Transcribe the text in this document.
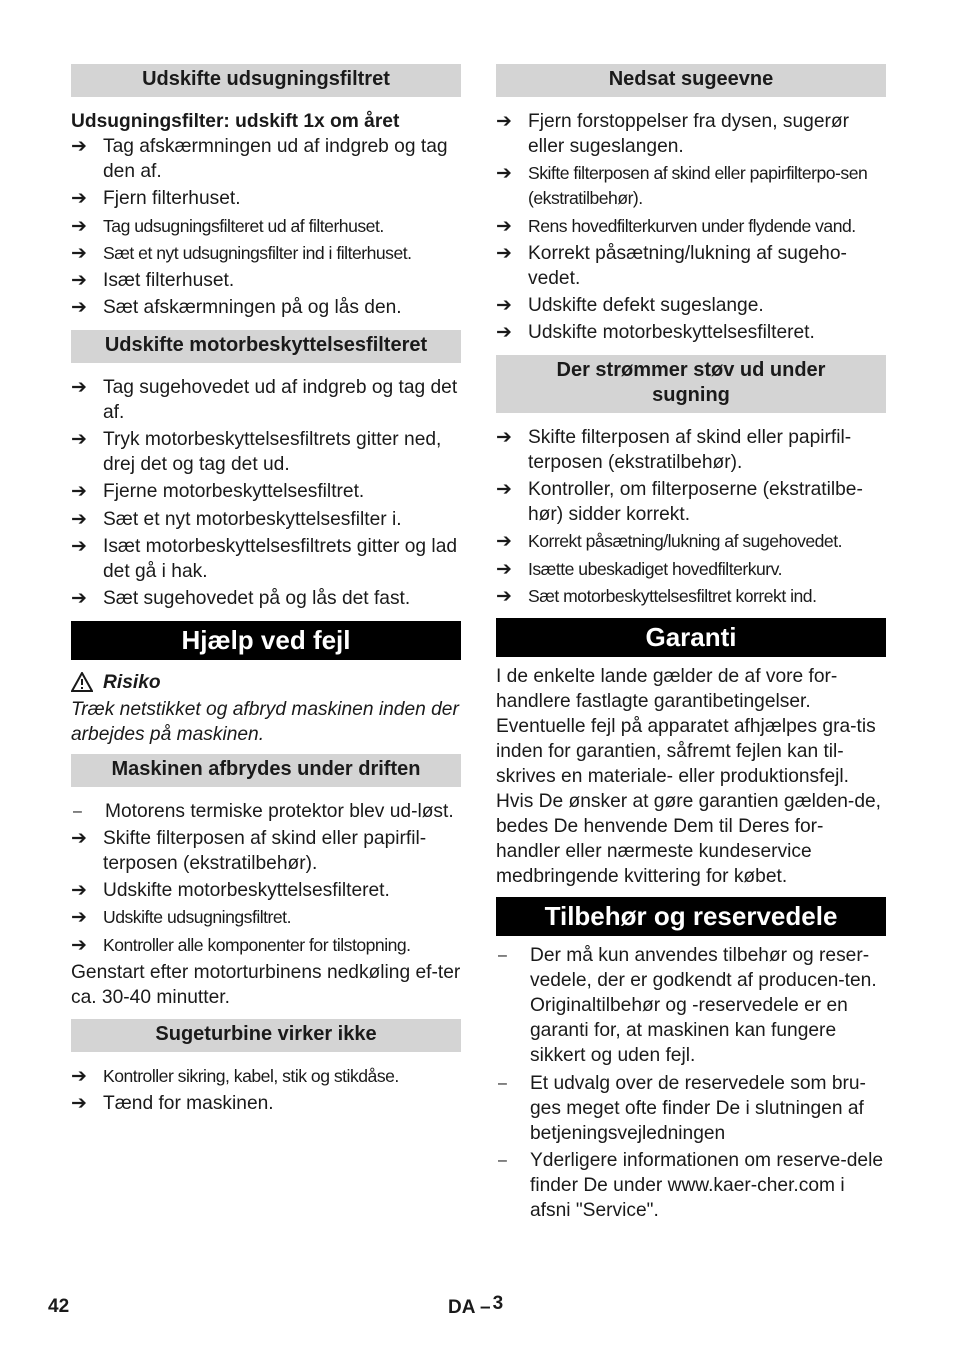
Udskifte udsugningsfiltret

Udsugningsfilter: udskift 1x om året

➔ Tag afskærmningen ud af indgreb og tag den af.
➔ Fjern filterhuset.
➔ Tag udsugningsfilteret ud af filterhuset.
➔ Sæt et nyt udsugningsfilter ind i filterhuset.
➔ Isæt filterhuset.
➔ Sæt afskærmningen på og lås den.
Udskifte motorbeskyttelsesfilteret
➔ Tag sugehovedet ud af indgreb og tag det af.
➔ Tryk motorbeskyttelsesfiltrets gitter ned, drej det og tag det ud.
➔ Fjerne motorbeskyttelsesfiltret.
➔ Sæt et nyt motorbeskyttelsesfilter i.
➔ Isæt motorbeskyttelsesfiltrets gitter og lad det gå i hak.
➔ Sæt sugehovedet på og lås det fast.
Hjælp ved fejl
Risiko

Træk netstikket og afbryd maskinen inden der arbejdes på maskinen.

Maskinen afbrydes under driften
–	Motorens termiske protektor blev ud-løst.
➔ Skifte filterposen af skind eller papirfil-terposen (ekstratilbehør).
➔ Udskifte motorbeskyttelsesfilteret.
➔ Udskifte udsugningsfiltret.
➔ Kontroller alle komponenter for tilstopning.

Genstart efter motorturbinens nedkøling ef-ter ca. 30-40 minutter.

Sugeturbine virker ikke
➔ Kontroller sikring, kabel, stik og stikdåse.
➔ Tænd for maskinen.
Nedsat sugeevne
➔ Fjern forstoppelser fra dysen, sugerør eller sugeslangen.
➔ Skifte filterposen af skind eller papirfilterpo-sen (ekstratilbehør).
➔ Rens hovedfilterkurven under flydende vand.
➔ Korrekt påsætning/lukning af sugeho-vedet.
➔ Udskifte defekt sugeslange.
➔ Udskifte motorbeskyttelsesfilteret.
Der strømmer støv ud under sugning
➔ Skifte filterposen af skind eller papirfil-terposen (ekstratilbehør).
➔ Kontroller, om filterposerne (ekstratilbe-hør) sidder korrekt.
➔ Korrekt påsætning/lukning af sugehovedet.
➔ Isætte ubeskadiget hovedfilterkurv.
➔ Sæt motorbeskyttelsesfiltret korrekt ind.
Garanti

I de enkelte lande gælder de af vore for-handlere fastlagte garantibetingelser. Eventuelle fejl på apparatet afhjælpes gra-tis inden for garantien, såfremt fejlen kan til-skrives en materiale- eller produktionsfejl. Hvis De ønsker at gøre garantien gælden-de, bedes De henvende Dem til Deres for-handler eller nærmeste kundeservice medbringende kvittering for købet.

Tilbehør og reservedele
–	Der må kun anvendes tilbehør og reser-vedele, der er godkendt af producen-ten. Originaltilbehør og -reservedele er en garanti for, at maskinen kan fungere sikkert og uden fejl.
–	Et udvalg over de reservedele som bru-ges meget ofte finder De i slutningen af betjeningsvejledningen
–	Yderligere informationen om reserve-dele finder De under www.kaer-cher.com i afsni "Service".
42	DA – 3
